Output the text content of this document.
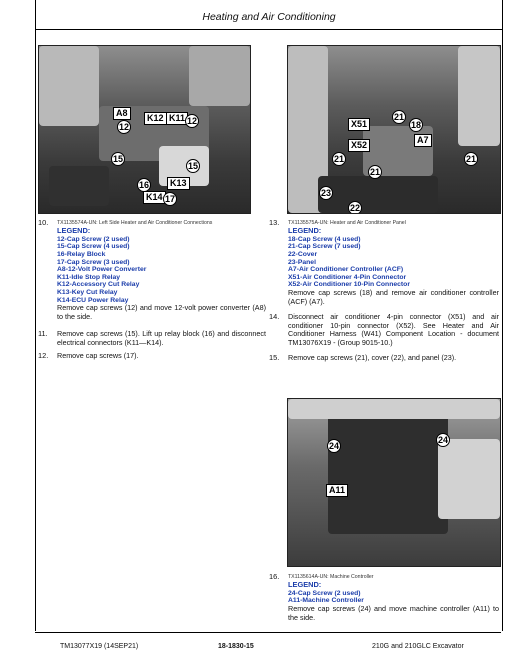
Heating and Air Conditioning
A8	K12 K11
12
12
15
15
16	K13
K14 17
21
18
X51
A7
X52
21	21
21
23
22
10. TX1135574A-UN: Left Side Heater and Air Conditioner Connections
LEGEND:
12-Cap Screw (2 used)
15-Cap Screw (4 used)
16-Relay Block
17-Cap Screw (3 used)
A8-12-Volt Power Converter
K11-Idle Stop Relay
K12-Accessory Cut Relay
K13-Key Cut Relay
K14-ECU Power Relay
Remove cap screws (12) and move 12-volt power converter (A8) to the side.
11. Remove cap screws (15). Lift up relay block (16) and disconnect electrical connectors (K11—K14).
12. Remove cap screws (17).
13. TX1135575A-UN: Heater and Air Conditioner Panel
LEGEND:
18-Cap Screw (4 used)
21-Cap Screw (7 used)
22-Cover
23-Panel
A7-Air Conditioner Controller (ACF)
X51-Air Conditioner 4-Pin Connector
X52-Air Conditioner 10-Pin Connector
Remove cap screws (18) and remove air conditioner controller (ACF) (A7).
14. Disconnect air conditioner 4-pin connector (X51) and air conditioner 10-pin connector (X52). See Heater and Air Conditioner Harness (W41) Component Location - document TM13076X19 - (Group 9015-10.)
15. Remove cap screws (21), cover (22), and panel (23).
24
24
A11
16. TX1135614A-UN: Machine Controller
LEGEND:
24-Cap Screw (2 used)
A11-Machine Controller
Remove cap screws (24) and move machine controller (A11) to the side.
TM13077X19 (14SEP21)	18-1830-15	210G and 210GLC Excavator
